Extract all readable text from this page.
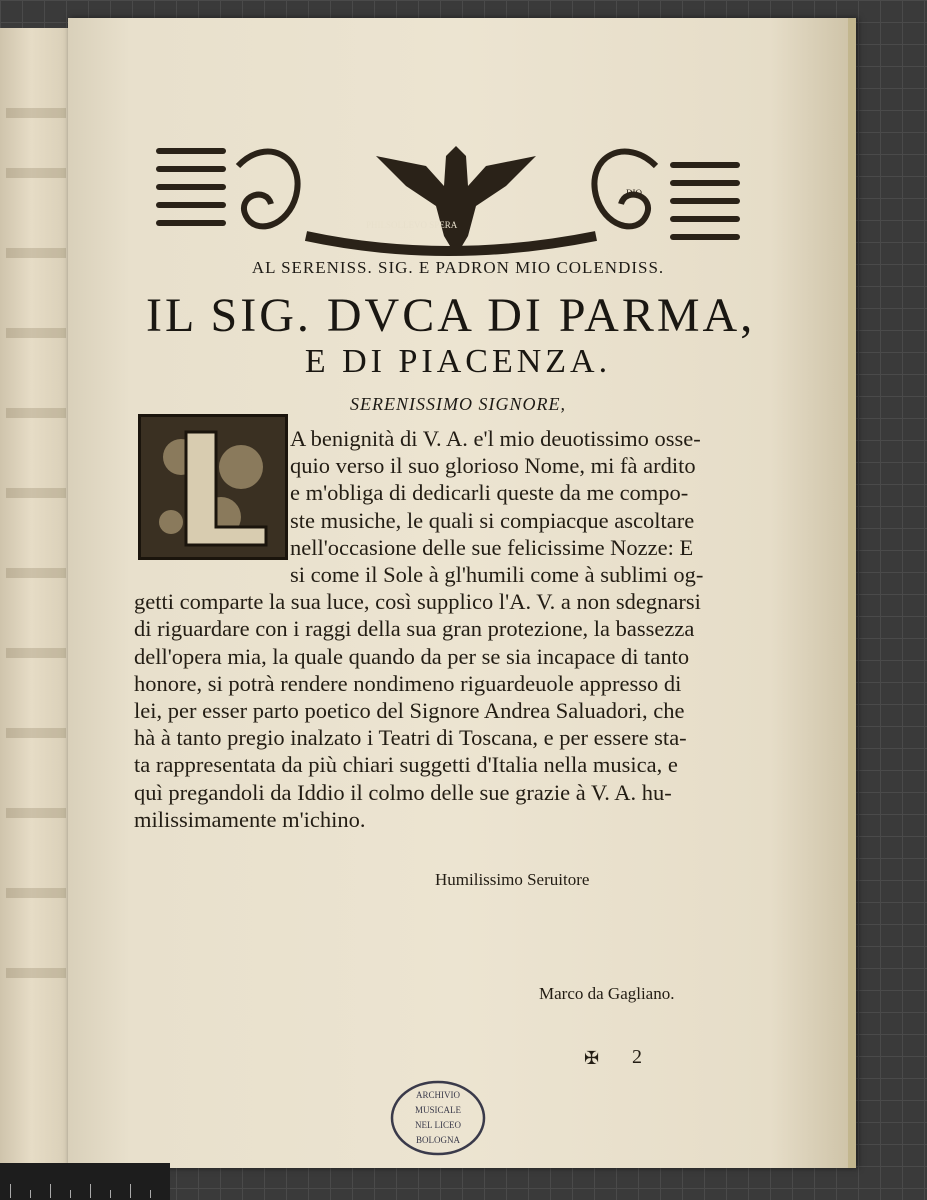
PHILSOLLEVO SPERA
DIO
AL SERENISS. SIG. E PADRON MIO COLENDISS.
IL SIG. DVCA DI PARMA,
E DI PIACENZA.
SERENISSIMO SIGNORE,
A benignità di V. A. e'l mio deuotissimo osse-
quio verso il suo glorioso Nome, mi fà ardito
e m'obliga di dedicarli queste da me compo-
ste musiche, le quali si compiacque ascoltare
nell'occasione delle sue felicissime Nozze: E
si come il Sole à gl'humili come à sublimi og-
getti comparte la sua luce, così supplico l'A. V. a non sdegnarsi
di riguardare con i raggi della sua gran protezione, la bassezza
dell'opera mia, la quale quando da per se sia incapace di tanto
honore, si potrà rendere nondimeno riguardeuole appresso di
lei, per esser parto poetico del Signore Andrea Saluadori, che
hà à tanto pregio inalzato i Teatri di Toscana, e per essere sta-
ta rappresentata da più chiari suggetti d'Italia nella musica, e
quì pregandoli da Iddio il colmo delle sue grazie à V. A. hu-
milissimamente m'ichino.
Humilissimo Seruitore
Marco da Gagliano.
✠ 2
ARCHIVIO
MUSICALE
NEL LICEO
BOLOGNA
